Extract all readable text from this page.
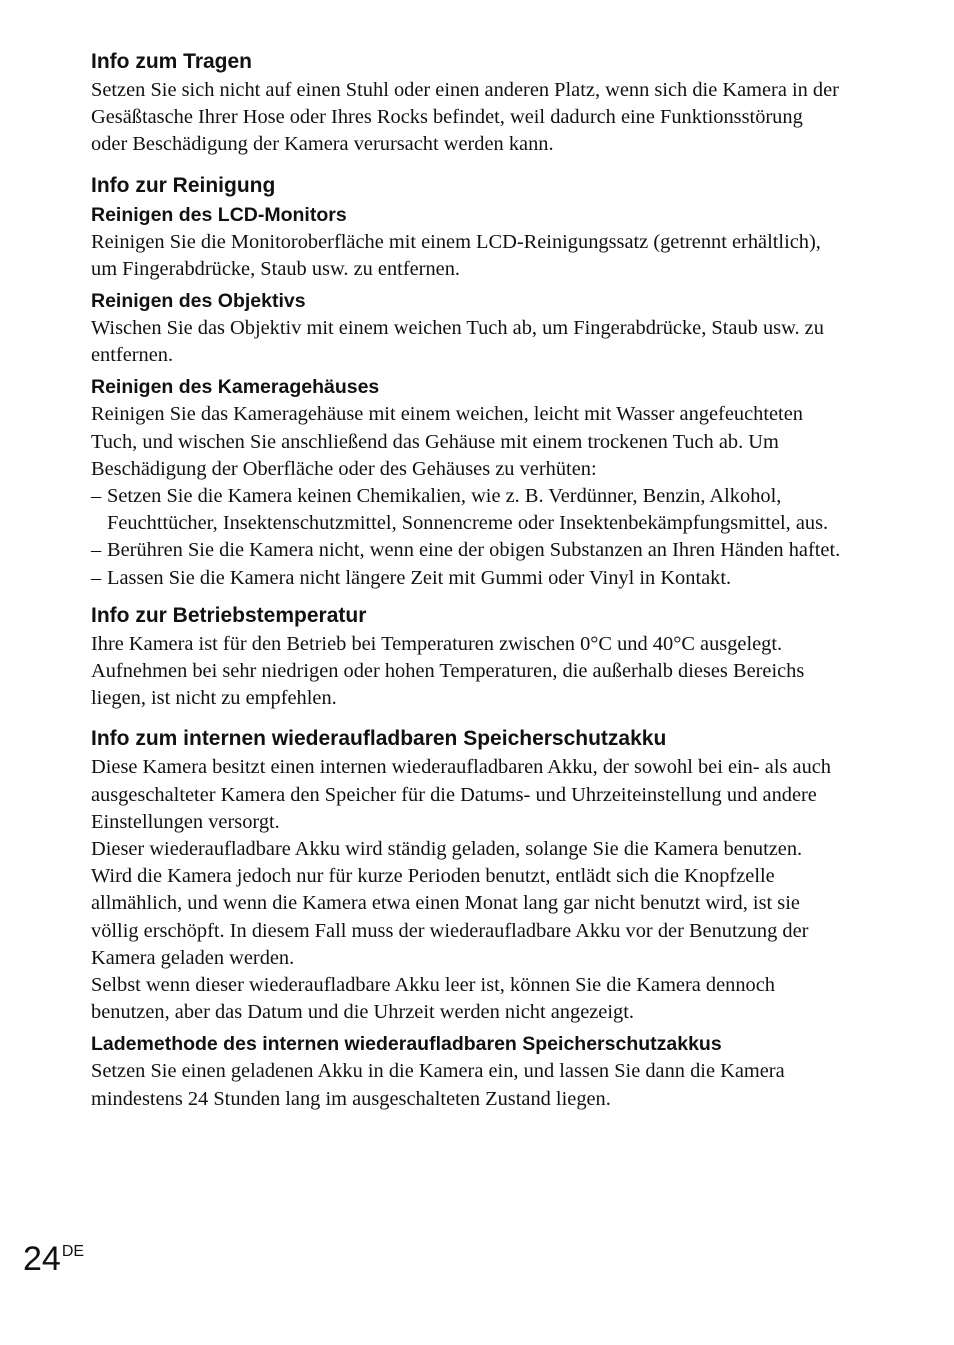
Info zum Tragen

Setzen Sie sich nicht auf einen Stuhl oder einen anderen Platz, wenn sich die Kamera in der Gesäßtasche Ihrer Hose oder Ihres Rocks befindet, weil dadurch eine Funktionsstörung oder Beschädigung der Kamera verursacht werden kann.

Info zur Reinigung
Reinigen des LCD-Monitors

Reinigen Sie die Monitoroberfläche mit einem LCD-Reinigungssatz (getrennt erhältlich), um Fingerabdrücke, Staub usw. zu entfernen.

Reinigen des Objektivs

Wischen Sie das Objektiv mit einem weichen Tuch ab, um Fingerabdrücke, Staub usw. zu entfernen.

Reinigen des Kameragehäuses

Reinigen Sie das Kameragehäuse mit einem weichen, leicht mit Wasser angefeuchteten Tuch, und wischen Sie anschließend das Gehäuse mit einem trockenen Tuch ab. Um Beschädigung der Oberfläche oder des Gehäuses zu verhüten:

– Setzen Sie die Kamera keinen Chemikalien, wie z. B. Verdünner, Benzin, Alkohol, Feuchttücher, Insektenschutzmittel, Sonnencreme oder Insektenbekämpfungsmittel, aus.
– Berühren Sie die Kamera nicht, wenn eine der obigen Substanzen an Ihren Händen haftet.
– Lassen Sie die Kamera nicht längere Zeit mit Gummi oder Vinyl in Kontakt.
Info zur Betriebstemperatur

Ihre Kamera ist für den Betrieb bei Temperaturen zwischen 0°C und 40°C ausgelegt. Aufnehmen bei sehr niedrigen oder hohen Temperaturen, die außerhalb dieses Bereichs liegen, ist nicht zu empfehlen.

Info zum internen wiederaufladbaren Speicherschutzakku

Diese Kamera besitzt einen internen wiederaufladbaren Akku, der sowohl bei ein- als auch ausgeschalteter Kamera den Speicher für die Datums- und Uhrzeiteinstellung und andere Einstellungen versorgt.

Dieser wiederaufladbare Akku wird ständig geladen, solange Sie die Kamera benutzen. Wird die Kamera jedoch nur für kurze Perioden benutzt, entlädt sich die Knopfzelle allmählich, und wenn die Kamera etwa einen Monat lang gar nicht benutzt wird, ist sie völlig erschöpft. In diesem Fall muss der wiederaufladbare Akku vor der Benutzung der Kamera geladen werden.

Selbst wenn dieser wiederaufladbare Akku leer ist, können Sie die Kamera dennoch benutzen, aber das Datum und die Uhrzeit werden nicht angezeigt.

Lademethode des internen wiederaufladbaren Speicherschutzakkus

Setzen Sie einen geladenen Akku in die Kamera ein, und lassen Sie dann die Kamera mindestens 24 Stunden lang im ausgeschalteten Zustand liegen.

24DE
